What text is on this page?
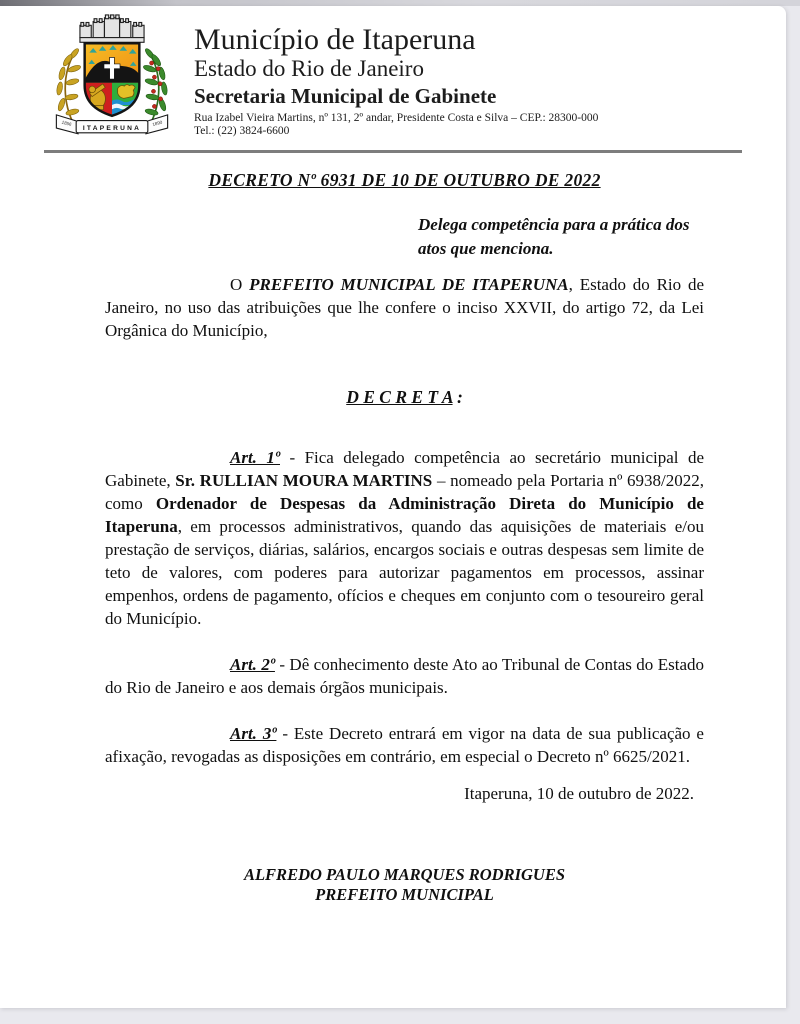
ITAPERUNA
1856	1890
Município de Itaperuna
Estado do Rio de Janeiro
Secretaria Municipal de Gabinete
Rua Izabel Vieira Martins, nº 131, 2º andar, Presidente Costa e Silva – CEP.: 28300-000
Tel.: (22) 3824-6600
DECRETO Nº 6931 DE 10 DE OUTUBRO DE 2022

Delega competência para a prática dos atos que menciona.

O PREFEITO MUNICIPAL DE ITAPERUNA, Estado do Rio de Janeiro, no uso das atribuições que lhe confere o inciso XXVII, do artigo 72, da Lei Orgânica do Município,

D E C R E T A :

Art. 1º - Fica delegado competência ao secretário municipal de Gabinete, Sr. RULLIAN MOURA MARTINS – nomeado pela Portaria nº 6938/2022, como Ordenador de Despesas da Administração Direta do Município de Itaperuna, em processos administrativos, quando das aquisições de materiais e/ou prestação de serviços, diárias, salários, encargos sociais e outras despesas sem limite de teto de valores, com poderes para autorizar pagamentos em processos, assinar empenhos, ordens de pagamento, ofícios e cheques em conjunto com o tesoureiro geral do Município.

Art. 2º - Dê conhecimento deste Ato ao Tribunal de Contas do Estado do Rio de Janeiro e aos demais órgãos municipais.

Art. 3º - Este Decreto entrará em vigor na data de sua publicação e afixação, revogadas as disposições em contrário, em especial o Decreto nº 6625/2021.

Itaperuna, 10 de outubro de 2022.

ALFREDO PAULO MARQUES RODRIGUES
PREFEITO MUNICIPAL
